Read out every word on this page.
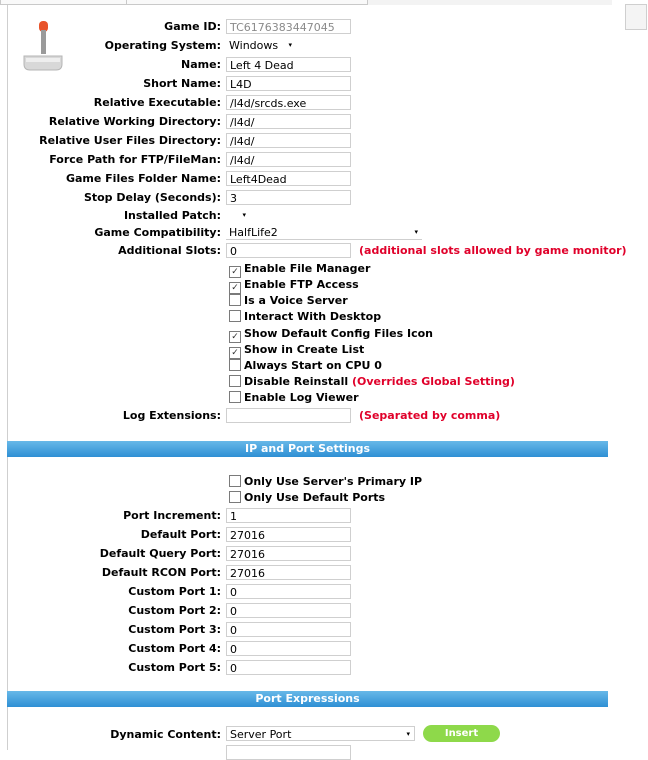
Game ID: TC6176383447045
Operating System: Windows ▾
Name: Left 4 Dead
Short Name: L4D
Relative Executable: /l4d/srcds.exe
Relative Working Directory: /l4d/
Relative User Files Directory: /l4d/
Force Path for FTP/FileMan: /l4d/
Game Files Folder Name: Left4Dead
Stop Delay (Seconds): 3
Installed Patch:	▾
Game Compatibility: HalfLife2	▾
Additional Slots: 0	(additional slots allowed by game monitor)
✓ Enable File Manager
✓ Enable FTP Access
Is a Voice Server
Interact With Desktop
✓ Show Default Config Files Icon
✓ Show in Create List
Always Start on CPU 0
Disable Reinstall (Overrides Global Setting)
Enable Log Viewer
Log Extensions:	(Separated by comma)
IP and Port Settings
Only Use Server's Primary IP
Only Use Default Ports
Port Increment: 1
Default Port: 27016
Default Query Port: 27016
Default RCON Port: 27016
Custom Port 1: 0
Custom Port 2: 0
Custom Port 3: 0
Custom Port 4: 0
Custom Port 5: 0
Port Expressions
Dynamic Content: Server Port	▾	Insert
